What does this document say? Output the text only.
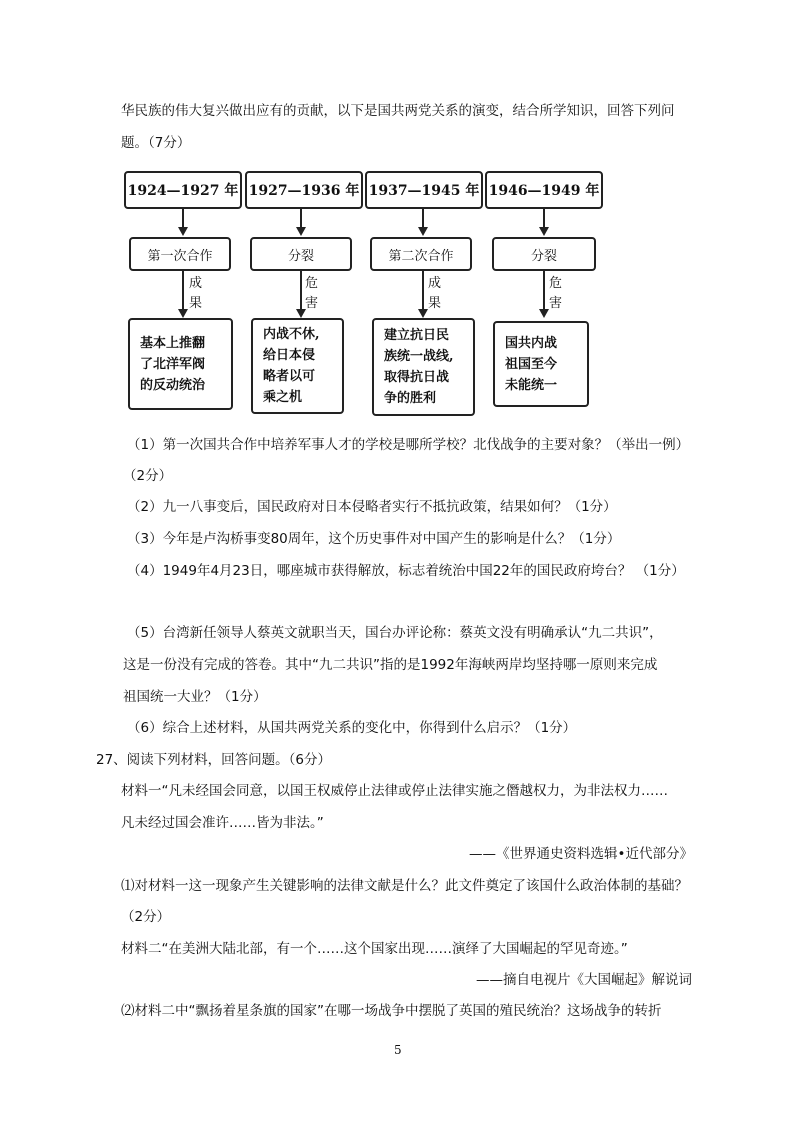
华民族的伟大复兴做出应有的贡献，以下是国共两党关系的演变，结合所学知识，回答下列问
题。（7分）
1924—1927 年
第一次合作
成
果
基本上推翻
了北洋军阀
的反动统治
1927—1936 年
分裂
危
害
内战不休,
给日本侵
略者以可
乘之机
1937—1945 年
第二次合作
成
果
建立抗日民
族统一战线,
取得抗日战
争的胜利
1946—1949 年
分裂
危
害
国共内战
祖国至今
未能统一
（1）第一次国共合作中培养军事人才的学校是哪所学校？北伐战争的主要对象？（举出一例）
（2分）
（2）九一八事变后，国民政府对日本侵略者实行不抵抗政策，结果如何？（1分）
（3）今年是卢沟桥事变80周年，这个历史事件对中国产生的影响是什么？（1分）
（4）1949年4月23日，哪座城市获得解放，标志着统治中国22年的国民政府垮台？ （1分）
（5）台湾新任领导人蔡英文就职当天，国台办评论称：蔡英文没有明确承认“九二共识”，
这是一份没有完成的答卷。其中“九二共识”指的是1992年海峡两岸均坚持哪一原则来完成
祖国统一大业？（1分）
（6）综合上述材料，从国共两党关系的变化中，你得到什么启示？（1分）
27、阅读下列材料，回答问题。（6分）
材料一“凡未经国会同意，以国王权威停止法律或停止法律实施之僭越权力，为非法权力……
凡未经过国会准许……皆为非法。”
——《世界通史资料选辑•近代部分》
⑴对材料一这一现象产生关键影响的法律文献是什么？此文件奠定了该国什么政治体制的基础？
（2分）
材料二“在美洲大陆北部，有一个……这个国家出现……演绎了大国崛起的罕见奇迹。”
——摘自电视片《大国崛起》解说词
⑵材料二中“飘扬着星条旗的国家”在哪一场战争中摆脱了英国的殖民统治？这场战争的转折
5
